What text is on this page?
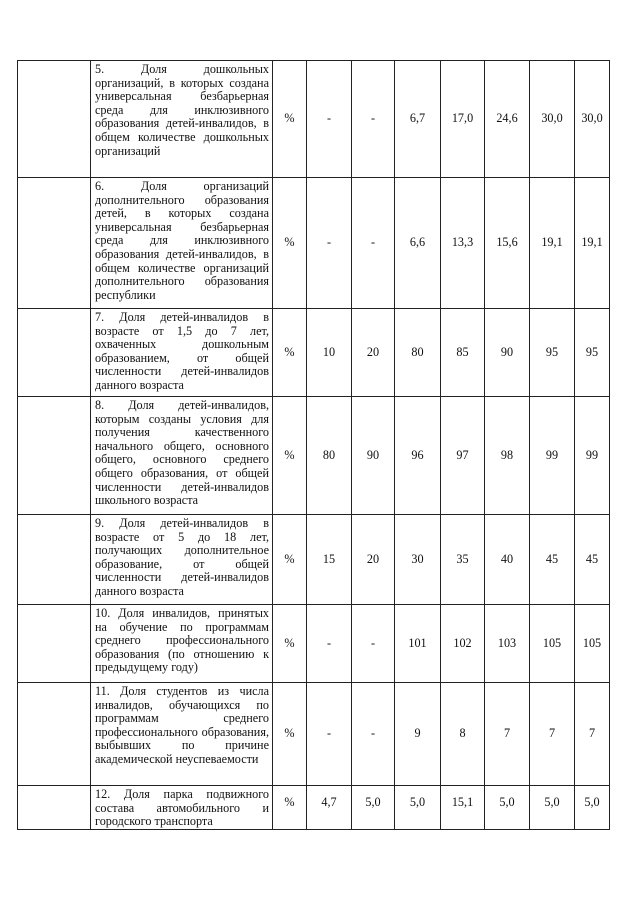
	5. Доля дошкольных организаций, в которых создана универсальная безбарьерная среда для инклюзивного образования детей-инвалидов, в общем количестве дошкольных организаций	%	-	-	6,7	17,0	24,6	30,0	30,0
	6. Доля организаций дополнительного образования детей, в которых создана универсальная безбарьерная среда для инклюзивного образования детей-инвалидов, в общем количестве организаций дополнительного образования республики	%	-	-	6,6	13,3	15,6	19,1	19,1
	7. Доля детей-инвалидов в возрасте от 1,5 до 7 лет, охваченных дошкольным образованием, от общей численности детей-инвалидов данного возраста	%	10	20	80	85	90	95	95
	8. Доля детей-инвалидов, которым созданы условия для получения качественного начального общего, основного общего, основного среднего общего образования, от общей численности детей-инвалидов школьного возраста	%	80	90	96	97	98	99	99
	9. Доля детей-инвалидов в возрасте от 5 до 18 лет, получающих дополнительное образование, от общей численности детей-инвалидов данного возраста	%	15	20	30	35	40	45	45
	10. Доля инвалидов, принятых на обучение по программам среднего профессионального образования (по отношению к предыдущему году)	%	-	-	101	102	103	105	105
	11. Доля студентов из числа инвалидов, обучающихся по программам среднего профессионального образования, выбывших по причине академической неуспеваемости	%	-	-	9	8	7	7	7
	12. Доля парка подвижного состава автомобильного и городского транспорта	%	4,7	5,0	5,0	15,1	5,0	5,0	5,0
